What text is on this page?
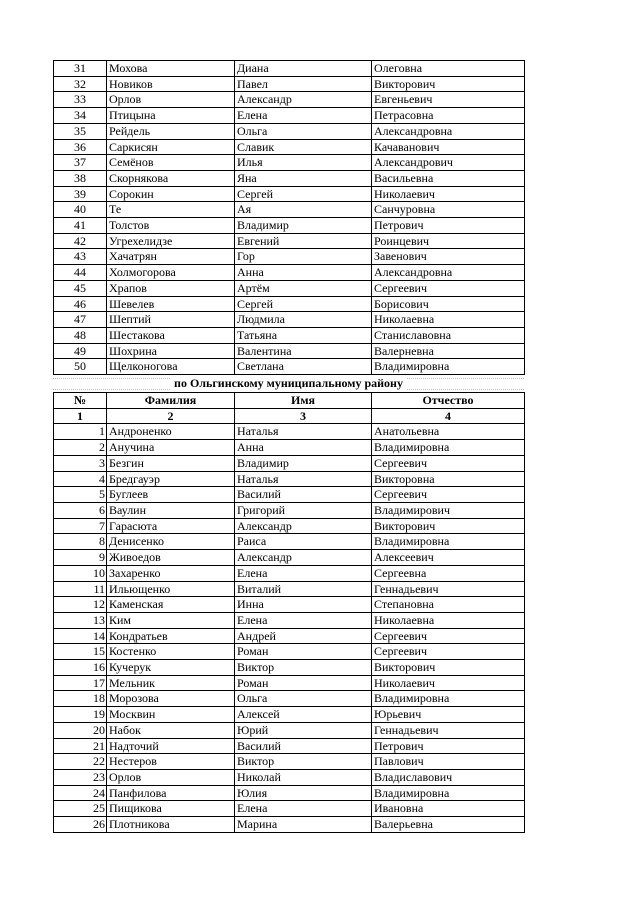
31	Мохова	Диана	Олеговна
32	Новиков	Павел	Викторович
33	Орлов	Александр	Евгеньевич
34	Птицына	Елена	Петрасовна
35	Рейдель	Ольга	Александровна
36	Саркисян	Славик	Качаванович
37	Семёнов	Илья	Александрович
38	Скорнякова	Яна	Васильевна
39	Сорокин	Сергей	Николаевич
40	Те	Ая	Санчуровна
41	Толстов	Владимир	Петрович
42	Угрехелидзе	Евгений	Роинцевич
43	Хачатрян	Гор	Завенович
44	Холмогорова	Анна	Александровна
45	Храпов	Артём	Сергеевич
46	Шевелев	Сергей	Борисович
47	Шептий	Людмила	Николаевна
48	Шестакова	Татьяна	Станиславовна
49	Шохрина	Валентина	Валерневна
50	Щелконогова	Светлана	Владимировна
по Ольгинскому муниципальному району
№	Фамилия	Имя	Отчество
1	2	3	4
1	Андроненко	Наталья	Анатольевна
2	Анучина	Анна	Владимировна
3	Безгин	Владимир	Сергеевич
4	Бредгауэр	Наталья	Викторовна
5	Буглеев	Василий	Сергеевич
6	Ваулин	Григорий	Владимирович
7	Гарасюта	Александр	Викторович
8	Денисенко	Раиса	Владимировна
9	Живоедов	Александр	Алексеевич
10	Захаренко	Елена	Сергеевна
11	Ильющенко	Виталий	Геннадьевич
12	Каменская	Инна	Степановна
13	Ким	Елена	Николаевна
14	Кондратьев	Андрей	Сергеевич
15	Костенко	Роман	Сергеевич
16	Кучерук	Виктор	Викторович
17	Мельник	Роман	Николаевич
18	Морозова	Ольга	Владимировна
19	Москвин	Алексей	Юрьевич
20	Набок	Юрий	Геннадьевич
21	Надточий	Василий	Петрович
22	Нестеров	Виктор	Павлович
23	Орлов	Николай	Владиславович
24	Панфилова	Юлия	Владимировна
25	Пищикова	Елена	Ивановна
26	Плотникова	Марина	Валерьевна
